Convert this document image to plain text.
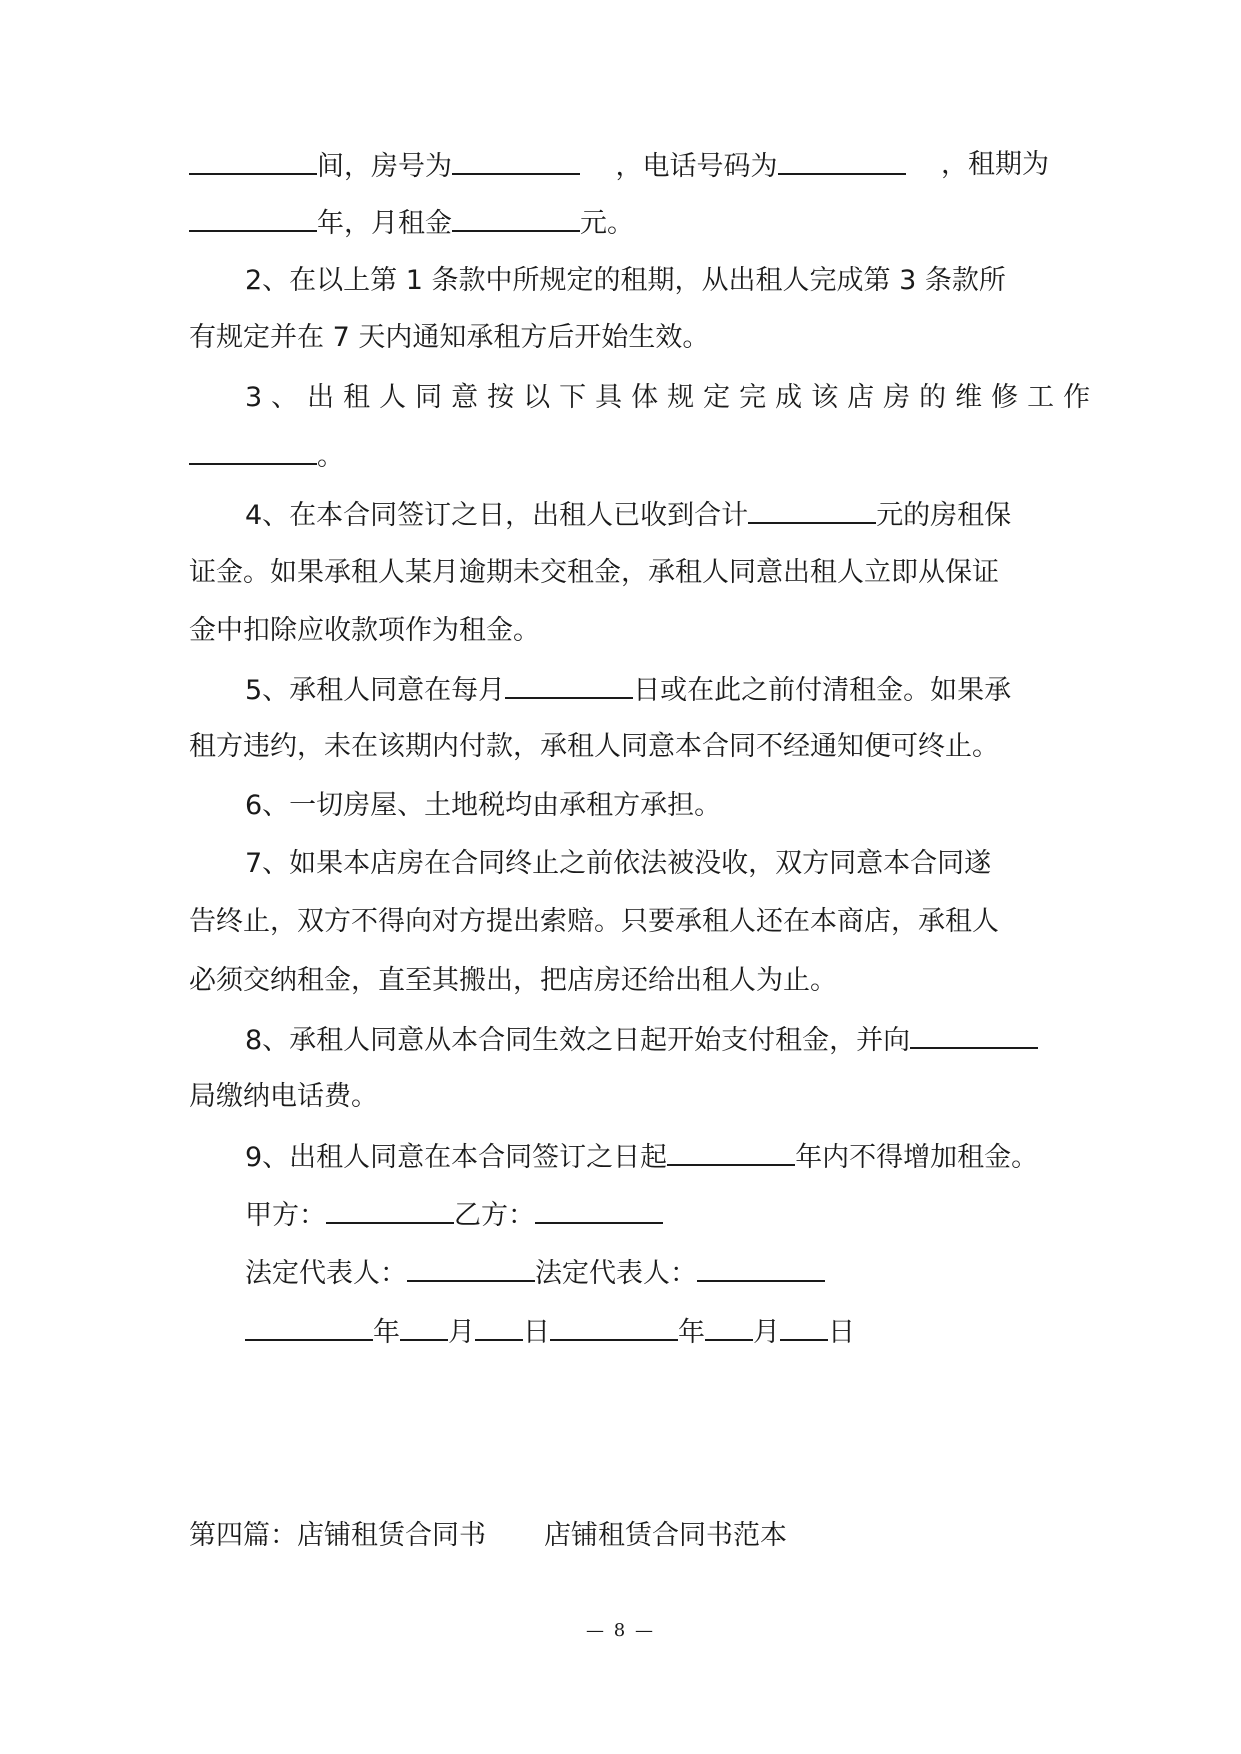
间，房号为	，电话号码为	，租期为
年，月租金	元。
2、在以上第 1 条款中所规定的租期，从出租人完成第 3 条款所
有规定并在 7 天内通知承租方后开始生效。
3、出租人同意按以下具体规定完成该店房的维修工作
。
4、在本合同签订之日，出租人已收到合计	元的房租保
证金。如果承租人某月逾期未交租金，承租人同意出租人立即从保证
金中扣除应收款项作为租金。
5、承租人同意在每月	日或在此之前付清租金。如果承
租方违约，未在该期内付款，承租人同意本合同不经通知便可终止。
6、一切房屋、土地税均由承租方承担。
7、如果本店房在合同终止之前依法被没收，双方同意本合同遂
告终止，双方不得向对方提出索赔。只要承租人还在本商店，承租人
必须交纳租金，直至其搬出，把店房还给出租人为止。
8、承租人同意从本合同生效之日起开始支付租金，并向
局缴纳电话费。
9、出租人同意在本合同签订之日起	年内不得增加租金。
甲方：	乙方：
法定代表人：	法定代表人：
年 月 日	年 月 日
第四篇：店铺租赁合同书 店铺租赁合同书范本
— 8 —
